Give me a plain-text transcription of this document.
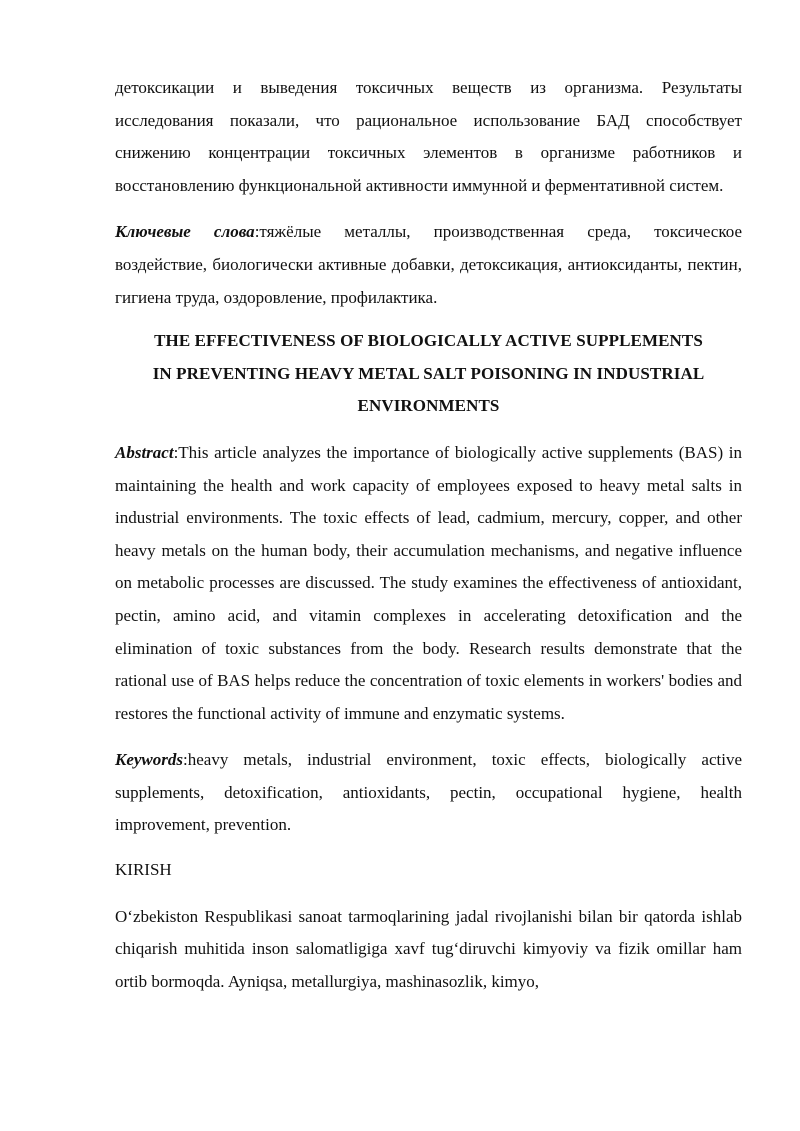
детоксикации и выведения токсичных веществ из организма. Результаты исследования показали, что рациональное использование БАД способствует снижению концентрации токсичных элементов в организме работников и восстановлению функциональной активности иммунной и ферментативной систем.

Ключевые слова:тяжёлые металлы, производственная среда, токсическое воздействие, биологически активные добавки, детоксикация, антиоксиданты, пектин, гигиена труда, оздоровление, профилактика.

THE EFFECTIVENESS OF BIOLOGICALLY ACTIVE SUPPLEMENTS
IN PREVENTING HEAVY METAL SALT POISONING IN INDUSTRIAL
ENVIRONMENTS

Abstract:This article analyzes the importance of biologically active supplements (BAS) in maintaining the health and work capacity of employees exposed to heavy metal salts in industrial environments. The toxic effects of lead, cadmium, mercury, copper, and other heavy metals on the human body, their accumulation mechanisms, and negative influence on metabolic processes are discussed. The study examines the effectiveness of antioxidant, pectin, amino acid, and vitamin complexes in accelerating detoxification and the elimination of toxic substances from the body. Research results demonstrate that the rational use of BAS helps reduce the concentration of toxic elements in workers' bodies and restores the functional activity of immune and enzymatic systems.

Keywords:heavy metals, industrial environment, toxic effects, biologically active supplements, detoxification, antioxidants, pectin, occupational hygiene, health improvement, prevention.

KIRISH

O‘zbekiston Respublikasi sanoat tarmoqlarining jadal rivojlanishi bilan bir qatorda ishlab chiqarish muhitida inson salomatligiga xavf tug‘diruvchi kimyoviy va fizik omillar ham ortib bormoqda. Ayniqsa, metallurgiya, mashinasozlik, kimyo,
